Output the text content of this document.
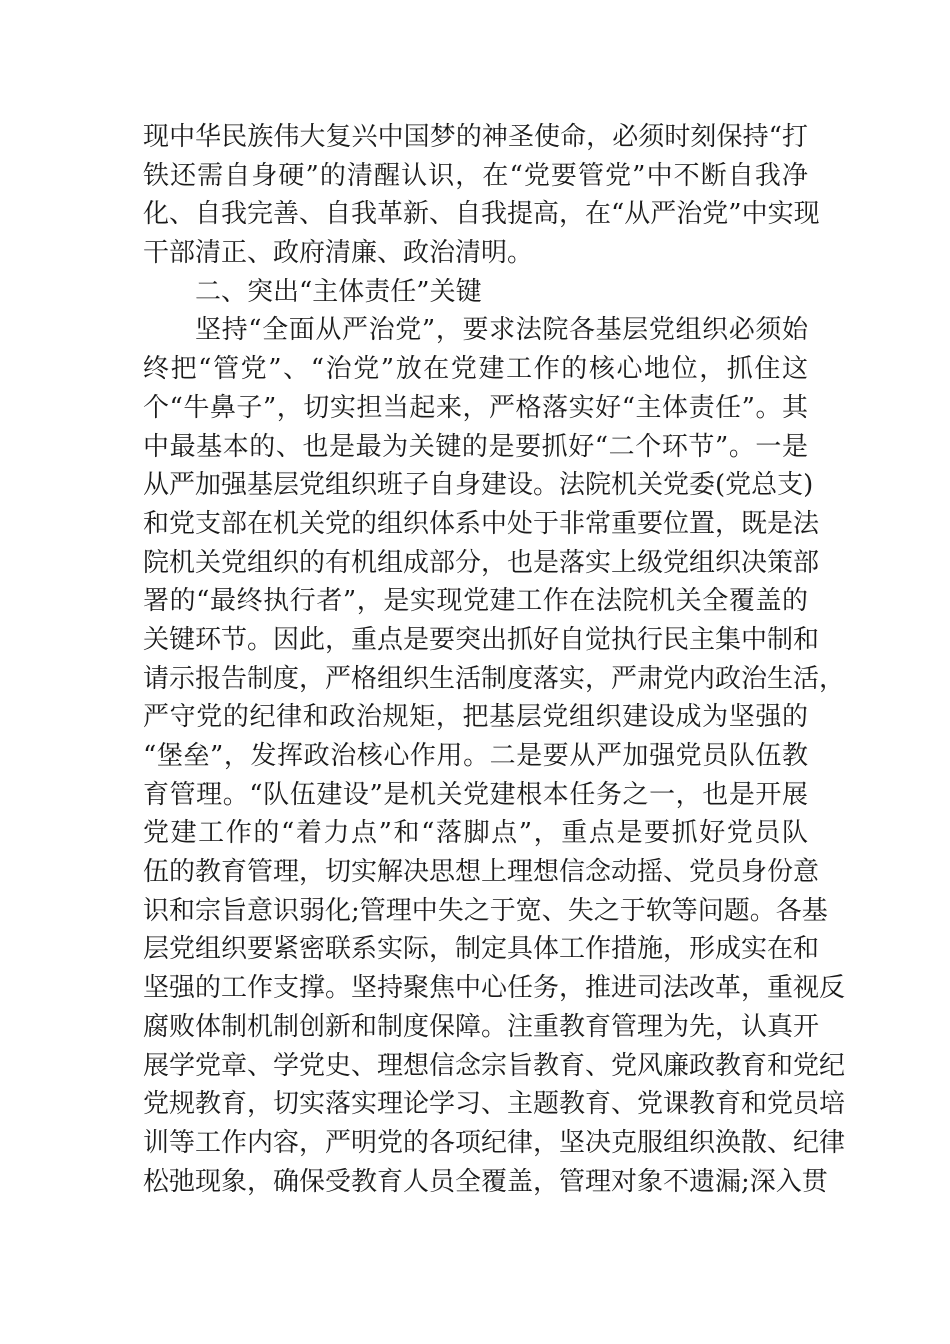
现中华民族伟大复兴中国梦的神圣使命，必须时刻保持“打
铁还需自身硬”的清醒认识，在“党要管党”中不断自我净
化、自我完善、自我革新、自我提高，在“从严治党”中实现
干部清正、政府清廉、政治清明。
二、突出“主体责任”关键
坚持“全面从严治党”，要求法院各基层党组织必须始
终把“管党”、“治党”放在党建工作的核心地位，抓住这
个“牛鼻子”，切实担当起来，严格落实好“主体责任”。其
中最基本的、也是最为关键的是要抓好“二个环节”。一是
从严加强基层党组织班子自身建设。法院机关党委(党总支)
和党支部在机关党的组织体系中处于非常重要位置，既是法
院机关党组织的有机组成部分，也是落实上级党组织决策部
署的“最终执行者”，是实现党建工作在法院机关全覆盖的
关键环节。因此，重点是要突出抓好自觉执行民主集中制和
请示报告制度，严格组织生活制度落实，严肃党内政治生活，
严守党的纪律和政治规矩，把基层党组织建设成为坚强的
“堡垒”，发挥政治核心作用。二是要从严加强党员队伍教
育管理。“队伍建设”是机关党建根本任务之一，也是开展
党建工作的“着力点”和“落脚点”，重点是要抓好党员队
伍的教育管理，切实解决思想上理想信念动摇、党员身份意
识和宗旨意识弱化;管理中失之于宽、失之于软等问题。各基
层党组织要紧密联系实际，制定具体工作措施，形成实在和
坚强的工作支撑。坚持聚焦中心任务，推进司法改革，重视反
腐败体制机制创新和制度保障。注重教育管理为先，认真开
展学党章、学党史、理想信念宗旨教育、党风廉政教育和党纪
党规教育，切实落实理论学习、主题教育、党课教育和党员培
训等工作内容，严明党的各项纪律，坚决克服组织涣散、纪律
松弛现象，确保受教育人员全覆盖，管理对象不遗漏;深入贯
